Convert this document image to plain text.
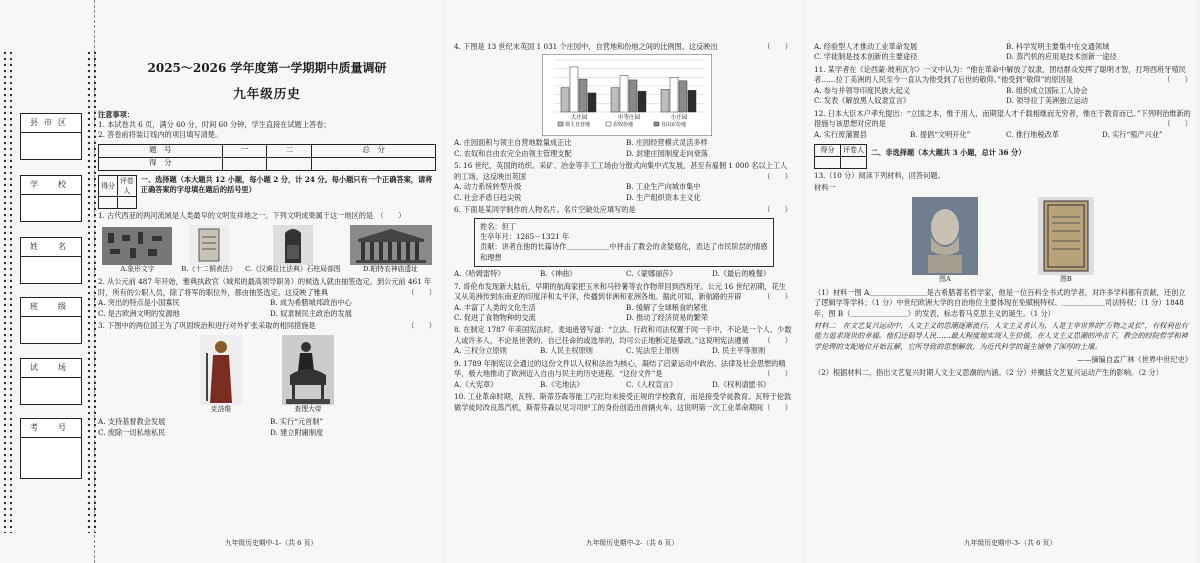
县市区
学　校
姓　名
班　级
试　场
考　号
2025～2026 学年度第一学期期中质量调研
九年级历史
注意事项：
1. 本试卷共 6 页，满分 60 分，时间 60 分钟，学生直接在试题上答卷；
2. 答卷前将装订线内的项目填写清楚。
题　号	一	二	总　分
得　分			
得分	评卷人

一、选择题（本大题共 12 小题，每小题 2 分，计 24 分。每小题只有一个正确答案，请将正确答案的字母填在题后的括号里）
1. 古代西亚的两河流域是人类最早的文明发祥地之一。下列文明成果属于这一地区的是　（　　）
A.象形文字	B.《十二铜表法》 C.《汉谟拉比法典》石柱局部图	D.帕特农神庙遗址
2. 从公元前 487 年开始，雅典执政官（城邦的最高领导职务）的候选人就由抽签选定。到公元前 461 年时，所有的公职人员，除了将军的职位外，都由抽签选定。这反映了雅典	（　　）
A. 突出的特点是小国寡民	B. 成为希腊城邦政治中心
C. 是古欧洲文明的发源地	D. 奴隶制民主政治的发展
3. 下图中的两位国王为了巩固统治和进行对外扩张采取的相同措施是	（　　）
克洛维	查理大帝
A. 支持基督教会发展	B. 实行“元首制”
C. 废除一切私地私民	D. 建立附庸制度
九年级历史期中-1-（共 6 页）
4. 下图是 13 世纪末英国 1 031 个庄园中，自营地和份地之间的比例图。这反映出	（　　）
大庄园	中等庄园	小庄园
领主自营地	农奴份地	自由农份地
A. 庄园面积与领主自营地数量成正比	B. 庄园经营模式灵活多样
C. 农奴和自由农完全由领主管理支配	D. 封建庄园制度走向衰落
5. 16 世纪，英国的纺织、采矿、冶金等手工工场由分散式向集中式发展，甚至有雇佣 1 000 名以上工人的工场。这反映出英国	（　　）
A. 动力系统转型升级	B. 工业生产向城市集中
C. 社会矛盾日趋尖锐	D. 生产组织资本主义化
6. 下面是某同学制作的人物名片。名片空缺处应填写的是	（　　）
姓名：但丁
生卒年月：1265－1321 年
贡献：讲者在他的长篇诗作＿＿＿＿＿＿中抨击了教会的贪婪腐化，表达了市民阶层的情感和理想
A.《哈姆雷特》	B.《神曲》	C.《蒙娜丽莎》	D.《最后的晚餐》
7. 哥伦布发现新大陆后，早期的航海家把玉米和马铃薯等农作物带回到西班牙。公元 16 世纪初期，花生又从美洲传到东南亚的印度洋和太平洋，传播到非洲和亚洲各地。据此可知，新航路的开辟	（　　）
A. 丰富了人类的文化生活	B. 缓解了全球粮食的紧张
C. 促进了食物物种的交流	D. 推动了经济贸易的繁荣
8. 在制定 1787 年美国宪法时，麦迪逊曾写道：“立法、行政和司法权置于同一手中，不论是一个人、少数人或许多人，不论是世袭的、自己任命的或选举的，均可公正地断定是暴政。”这说明宪法遵循 （　　）
A. 三权分立原则	B. 人民主权原则	C. 宪法至上原则	D. 民主平等原则
9. 1789 年制宪议会通过的这份文件以人权和法治为核心，凝结了启蒙运动中政治、法律及社会思想的精华，极大地推动了欧洲迈入自由与民主的历史进程。“这份文件”是	（　　）
A.《大宪章》	B.《宅地法》	C.《人权宣言》	D.《权利请愿书》
10. 工业革命时期，瓦特、斯蒂芬森等能工巧匠均未接受正规的学校教育，而是接受学徒教育。瓦特于伦敦做学徒时改良蒸汽机，斯蒂芬森以见习司炉工的身份创造出首辆火车。这说明第一次工业革命期间 （　　）
九年级历史期中-2-（共 6 页）
A. 经验型人才推动工业革命发展	B. 科学发明主要集中在交通领域
C. 学徒制是技术创新的主要途径	D. 蒸汽机的应用是技术创新一途径
11. 某学者在《论西蒙·玻利瓦尔》一文中认为：“他在革命中解放了奴隶，团结群众发挥了聪明才智，打垮西班牙殖民者……拉丁美洲的人民至今一直认为他受到了后世的敬仰。”他受到“敬仰”的原因是	（　　）
A. 参与并领导印度民族大起义	B. 组织成立国际工人协会
C. 发表《解放黑人奴隶宣言》	D. 领导拉丁美洲独立运动
12. 日本大臣木户孝允提出：“立国之本，惟于用人，而期望人才千载相继而无穷者，惟在于教育而已。”下列明治维新的措施与该思想对应的是	（　　）
A. 实行废藩置县	B. 提倡“文明开化”	C. 推行地税改革	D. 实行“殖产兴业”
得分	评卷人
	二、非选择题（本大题共 3 小题，总计 36 分）
13.（10 分）阅读下列材料，回答问题。
材料一
图A	图B
（1）材料一图 A＿＿＿＿＿＿＿＿是古希腊著名哲学家，他是一位百科全书式的学者，对许多学科都有贡献，还创立了逻辑学等学科；（1 分）中世纪欧洲大学的自治地位主要体现在免赋税特权、＿＿＿＿＿＿司法特权；（1 分）1848 年，图 B（＿＿＿＿＿＿＿＿）的发表，标志着马克思主义的诞生。（1 分）
材料二　在文艺复兴运动中，人文主义的思潮逐渐流行，人文主义者认为，人是主宰世界的“万物之灵长”，有权利也有能力追求现世的幸福。他们还倡导人民……最大程度地实现人生价值。在人文主义思潮的冲击下，教会的经院哲学和神学伦理的支配地位开始瓦解，它所导致的思想解放，为近代科学的诞生铺垫了深厚的土壤。
——摘编自孟广林《世界中世纪史》
（2）根据材料二，指出文艺复兴时期人文主义思潮的内涵。（2 分）并概括文艺复兴运动产生的影响。（2 分）
九年级历史期中-3-（共 6 页）
